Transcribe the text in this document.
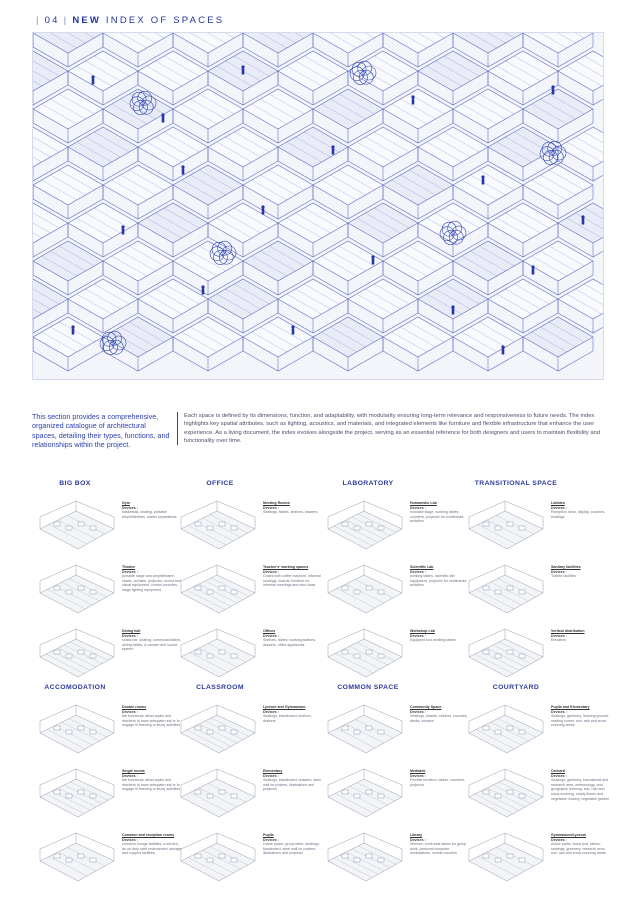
| 04 | NEW INDEX OF SPACES
This section provides a comprehensive, organized catalogue of architectural spaces, detailing their types, functions, and relationships within the project.
Each space is defined by its dimensions, function, and adaptability, with modularity ensuring long-term relevance and responsiveness to future needs. The index highlights key spatial attributes, such as lighting, acoustics, and materials, and integrated elements like furniture and flexible infrastructure that enhance the user experience. As a living document, the index evolves alongside the project, serving as an essential reference for both designers and users to maintain flexibility and functionality over time.
BIG BOX
Gym
Devices :
basketball, seating, portable amphitheatres, starter separations
Theatre
Devices :
portable stage and amphitheatre, chairs, curtains, projector, sound and visual equipment, control consoles, stage lighting equipment
Dining hall
Devices :
snack bar, seating, communal tables, dining tables, a counter and sound system
OFFICE
Meeting Rooms
Devices :
Seatings, tables, shelves, drawers
Teacher's' working spaces
Devices :
Chairs with coffee machine, informal seatings, boards, furniture for informal meetings and mini-class
Offices
Devices :
Shelves, tables, working stations, drawers, office appliances
LABORATORY
Humanistic Lab
Devices :
movable stage, working tables, counters, projector for multimedia activities
Scientific Lab
Devices :
working tables, scientific lab equipment, projector for multimedia activities
Workshop Lab
Devices :
Equipped tool working tables
TRANSITIONAL SPACE
Lobbies
Devices :
Reception desk, display, couches, seatings
Sanitary facilities
Devices :
Toilette facilities
Vertical distribution
Devices :
Elevators
ACCOMODATION
Double rooms
Devices :
the functional, allow pupils and teachers to have adequate rest or to engage in learning or study activities
Single rooms
Devices :
the functional, allow pupils and teachers to have adequate rest or to engage in learning or study activities
Common and reception rooms
Devices :
common lounge facilities, a kitchen, an on-duty staff environment, storage and support facilities
CLASSROOM
Lyceum and Gymnasium
Devices :
Seatings, blackboard, shelves, drawers
Elementary
Devices :
Seatings, blackboard, drawers, steel wall for posters, illustrations and projector
Pupils
Devices :
Game space, group table, seatings, blackboard, steel wall for posters, illustrations and projector
COMMON SPACE
Community Space
Devices :
Seatings, boards, shelves, couches, desks, curtains
Mediatek
Devices :
Flexible furniture, tables, counters, projector
Library
Devices :
Shelves, multi-seat tables for group work, personal computer workstations, mobile couches
COURTYARD
Pupils and Elementary
Devices :
Seatings, greenery, learning ground, reading corner, sun, rain and snow covering areas
Orchard
Devices :
Seatings, greenery, educational and research area, meteorology, and geography learning, sun, rain and snow covering, shady flower and vegetable nursery, vegetable garden
Gymnasium/Lyceum
Devices :
Active paths, focus pod, tables, seatings, greenery, research area, sun, rain and snow covering areas
